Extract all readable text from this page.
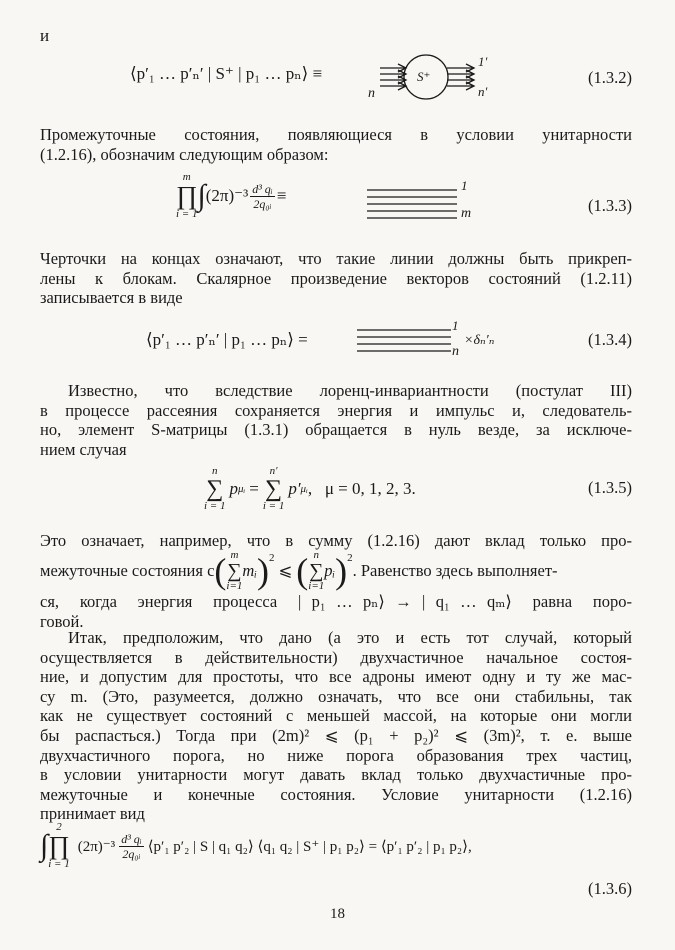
и
⟨p′₁ … p′ₙ′ | S⁺ | p₁ … pₙ⟩ ≡	S⁺
n
1′
n′
(1.3.2)
Промежуточные состояния, появляющиеся в условии унитарности
(1.2.16), обозначим следующим образом:
m
∏
i = 1
∫ $(2\pi)^{-3} \frac{\text{d³ qᵢ}}{\text{2q₀ᵢ}}$ ≡
1
m	(1.3.3)
Черточки на концах означают, что такие линии должны быть прикреп-
лены к блокам. Скалярное произведение векторов состояний (1.2.11)
записывается в виде
⟨p′₁ … p′ₙ′ | p₁ … pₙ⟩ =
1
n
×δₙ′ₙ	(1.3.4)
Известно, что вследствие лоренц-инвариантности (постулат III)
в процессе рассеяния сохраняется энергия и импульс и, следователь-
но, элемент S-матрицы (1.3.1) обращается в нуль везде, за исключе-
нием случая
n
∑
i = 1
p μᵢ =
n′
∑
i = 1
p′ μᵢ ,   μ = 0, 1, 2, 3.	(1.3.5)
Это означает, например, что в сумму (1.2.16) дают вклад только про-
межуточные состояния с ( m
∑
i=1
mᵢ )$^2$
⩽ ( n
∑
i=1
pᵢ )$^2$
. Равенство здесь выполняет-
ся,  когда  энергия  процесса  | p₁ … pₙ⟩ → | q₁ … qₘ⟩  равна  поро-
говой.
Итак, предположим, что дано (а это и есть тот случай, который
осуществляется в действительности) двухчастичное начальное состоя-
ние, и допустим для простоты, что все адроны имеют одну и ту же мас-
су m. (Это, разумеется, должно означать, что все они стабильны, так
как не существует состояний с меньшей массой, на которые они могли
бы распасться.) Тогда при (2m)² ⩽ (p₁ + p₂)² ⩽ (3m)², т. е. выше
двухчастичного порога, но ниже порога образования трех частиц,
в условии унитарности могут давать вклад только двухчастичные про-
межуточные и конечные состояния. Условие унитарности (1.2.16)
принимает вид
∫
2
∏
i = 1
$(2\pi)^{-3} \frac{\text{d³ qᵢ}}{\text{2q₀ᵢ}}$ ⟨p′₁ p′₂ | S | q₁ q₂⟩ ⟨q₁ q₂ | S⁺ | p₁ p₂⟩ = ⟨p′₁ p′₂ | p₁ p₂⟩,
(1.3.6)
18
